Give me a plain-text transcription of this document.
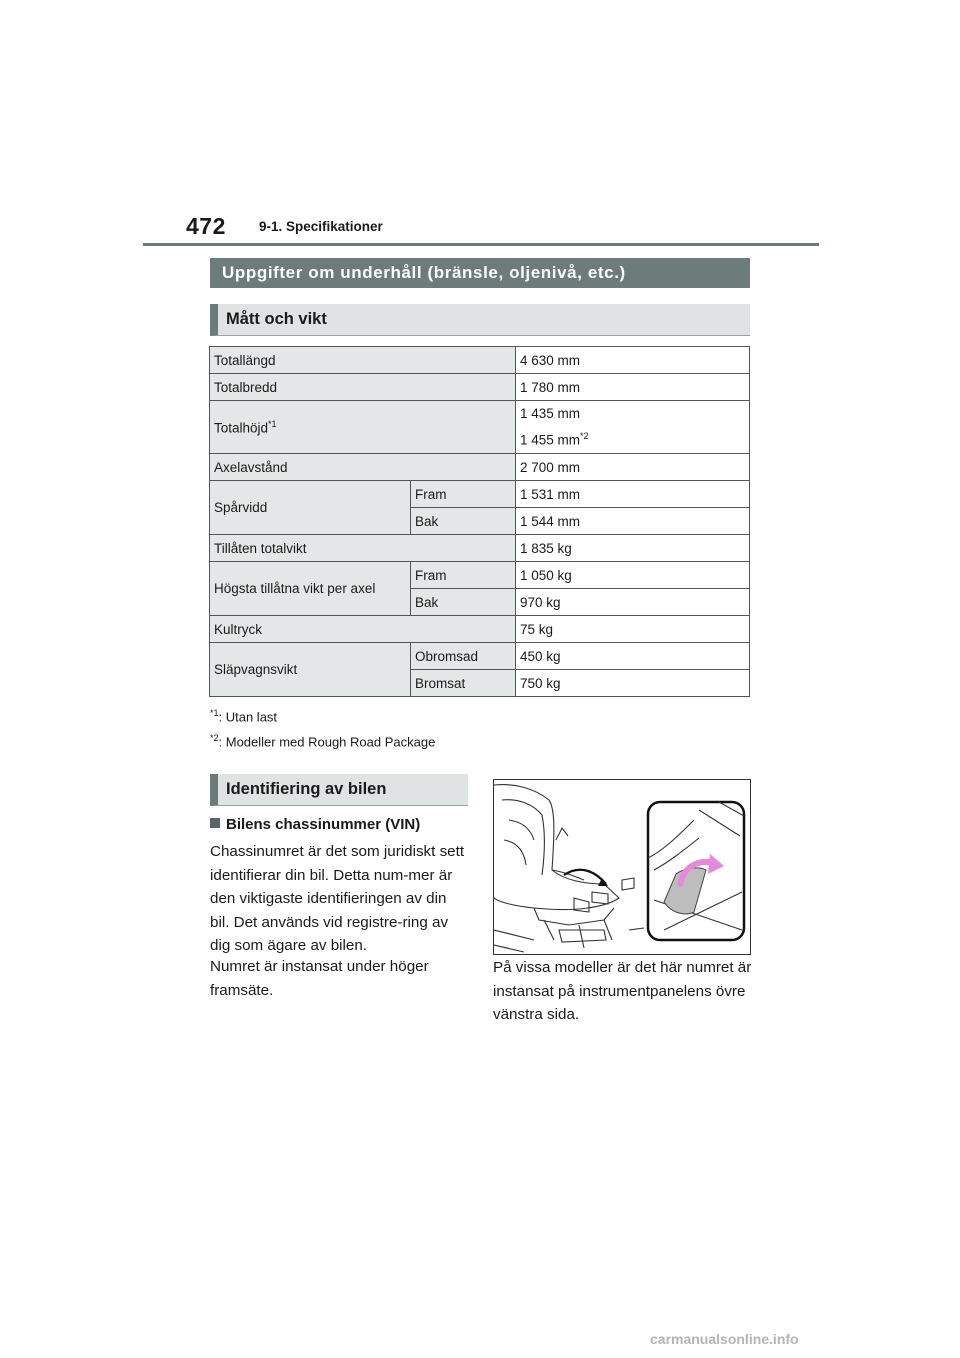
472 9-1. Specifikationer
Uppgifter om underhåll (bränsle, oljenivå, etc.)
Mått och vikt
Totallängd		4 630 mm
Totalbredd		1 780 mm
Totalhöjd$^{*1}$		1 435 mm
1 455 $mm^{*2}$

Axelavstånd		2 700 mm
Spårvidd	Fram	1 531 mm
	Bak	1 544 mm
Tillåten totalvikt		1 835 kg
Högsta tillåtna vikt per axel	Fram	1 050 kg
	Bak	970 kg
Kultryck		75 kg
Släpvagnsvikt	Obromsad	450 kg
	Bromsat	750 kg
$^{*1}$: Utan last
$^{*2}$: Modeller med Rough Road Package
Identifiering av bilen
Bilens chassinummer (VIN)

Chassinumret är det som juridiskt sett identifierar din bil. Detta num-mer är den viktigaste identifieringen av din bil. Det används vid registre-ring av dig som ägare av bilen.

Numret är instansat under höger framsäte.

På vissa modeller är det här numret är instansat på instrumentpanelens övre vänstra sida.

carmanualsonline.info
